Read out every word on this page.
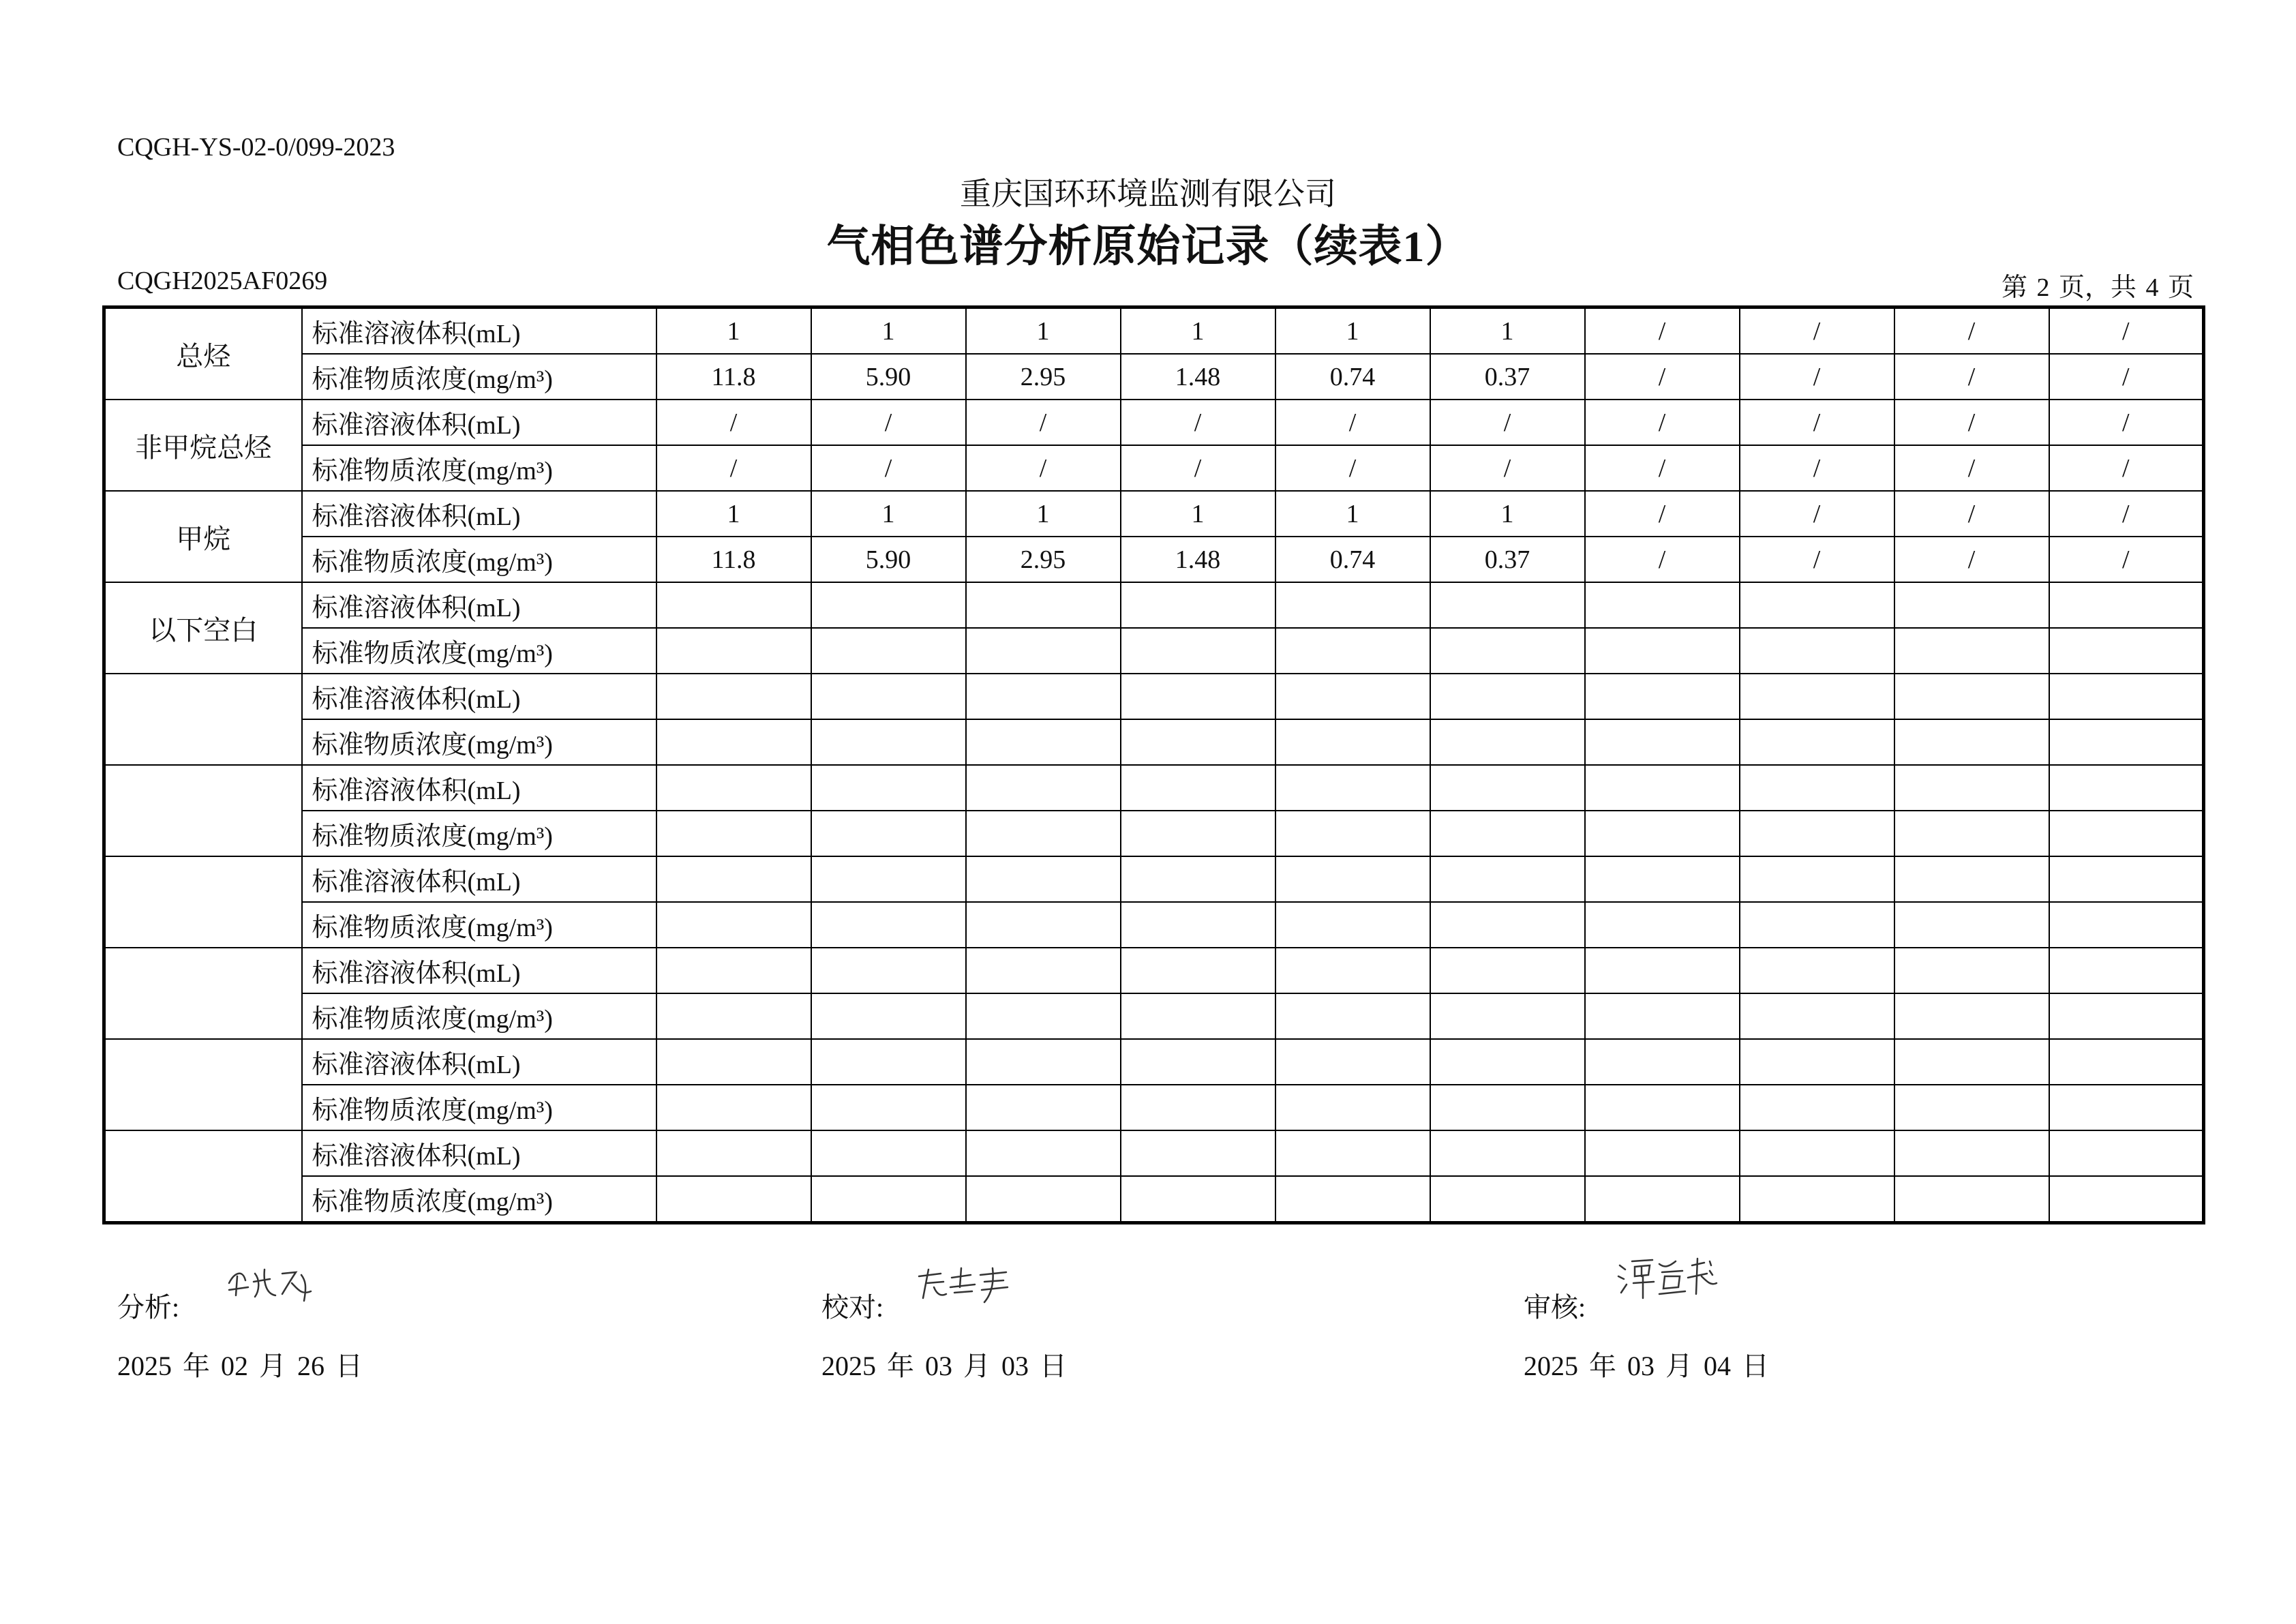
CQGH-YS-02-0/099-2023
重庆国环环境监测有限公司
气相色谱分析原始记录（续表1）
CQGH2025AF0269	第 2 页，共 4 页
总烃	标准溶液体积(mL)	1	1	1	1	1	1	/	/	/	/
	标准物质浓度(mg/m³)	11.8	5.90	2.95	1.48	0.74	0.37	/	/	/	/
非甲烷总烃	标准溶液体积(mL)	/	/	/	/	/	/	/	/	/	/
	标准物质浓度(mg/m³)	/	/	/	/	/	/	/	/	/	/
甲烷	标准溶液体积(mL)	1	1	1	1	1	1	/	/	/	/
	标准物质浓度(mg/m³)	11.8	5.90	2.95	1.48	0.74	0.37	/	/	/	/
以下空白	标准溶液体积(mL)										
	标准物质浓度(mg/m³)										
	标准溶液体积(mL)										
	标准物质浓度(mg/m³)										
	标准溶液体积(mL)										
	标准物质浓度(mg/m³)										
	标准溶液体积(mL)										
	标准物质浓度(mg/m³)										
	标准溶液体积(mL)										
	标准物质浓度(mg/m³)										
	标准溶液体积(mL)										
	标准物质浓度(mg/m³)										
	标准溶液体积(mL)										
	标准物质浓度(mg/m³)										
分析:
2025 年 02 月 26 日
校对:
2025 年 03 月 03 日
审核:
2025 年 03 月 04 日
